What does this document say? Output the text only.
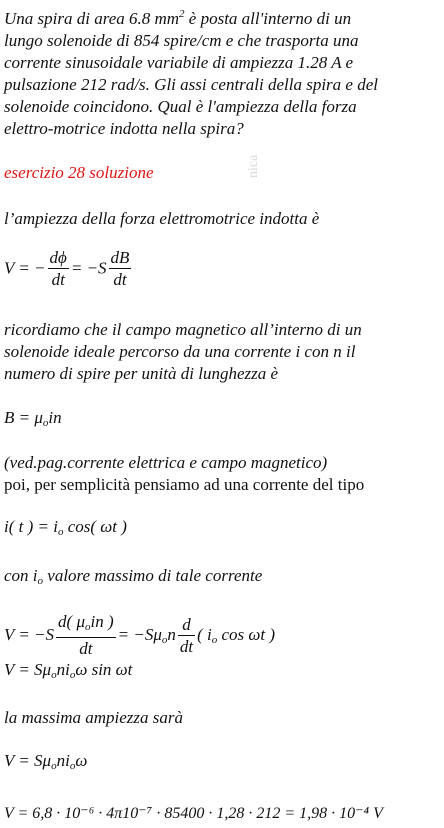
Una spira di area 6.8 $mm^2$ è posta all'interno di un
lungo solenoide di 854 spire/cm e che trasporta una
corrente sinusoidale variabile di ampiezza 1.28 A e
pulsazione 212 rad/s. Gli assi centrali della spira e del
solenoide coincidono. Qual è l'ampiezza della forza
elettro-motrice indotta nella spira?
nica
esercizio 28 soluzione
l’ampiezza della forza elettromotrice indotta è
V = − $\frac{d\phi}{dt} = -S \frac{dB}{dt}$
ricordiamo che il campo magnetico all’interno di un
solenoide ideale percorso da una corrente i con n il
numero di spire per unità di lunghezza è
$B = \mu_oin$
(ved.pag.corrente elettrica e campo magnetico)
poi, per semplicità pensiamo ad una corrente del tipo
i( t ) = $i_o$ cos( ωt )
con $i_o$ valore massimo di tale corrente
$V = -S \frac{d( \mu_oin )}{dt} = -S\mu_on \frac{d}{dt}$ ( $i_o$ cos ωt )
$V = S\mu_oni_o\omega$ sin ωt
la massima ampiezza sarà
$V = S\mu_oni_o\omega$
V = 6,8 · 10⁻⁶ · 4π10⁻⁷ · 85400 · 1,28 · 212 = 1,98 · 10⁻⁴ V
